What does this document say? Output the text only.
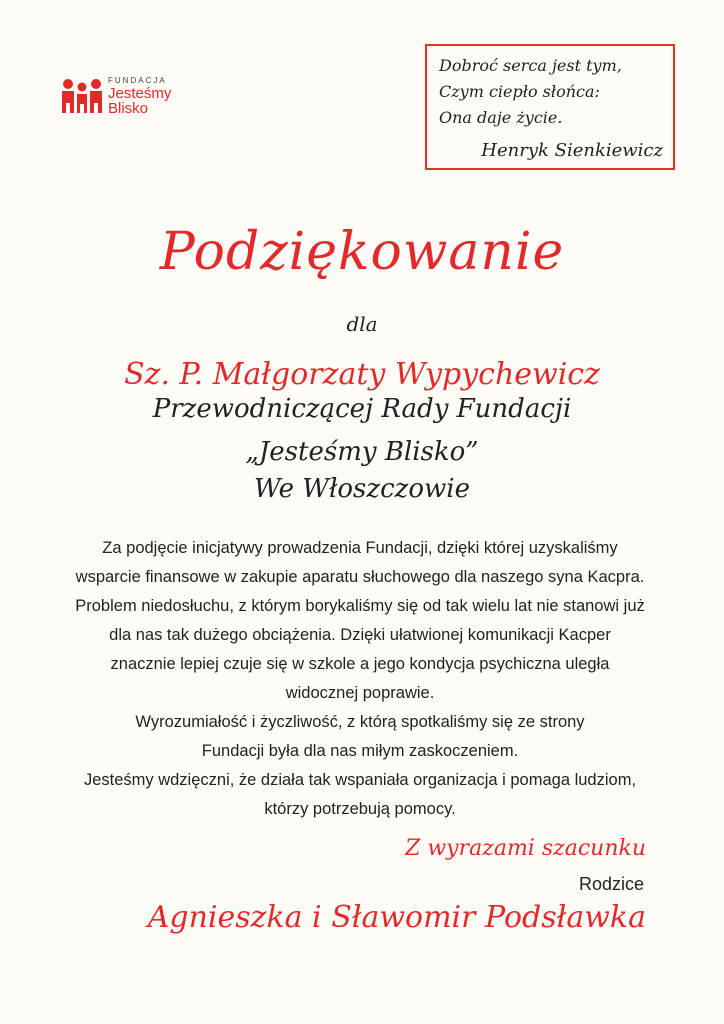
FUNDACJA
Jesteśmy
Blisko
Dobroć serca jest tym,
Czym ciepło słońca:
Ona daje życie.
Henryk Sienkiewicz
Podziękowanie
dla
Sz. P. Małgorzaty Wypychewicz
Przewodniczącej Rady Fundacji
„Jesteśmy Blisko”
We Włoszczowie
Za podjęcie inicjatywy prowadzenia Fundacji, dzięki której uzyskaliśmy
wsparcie finansowe w zakupie aparatu słuchowego dla naszego syna Kacpra.
Problem niedosłuchu, z którym borykaliśmy się od tak wielu lat nie stanowi już
dla nas tak dużego obciążenia. Dzięki ułatwionej komunikacji Kacper
znacznie lepiej czuje się w szkole a jego kondycja psychiczna uległa
widocznej poprawie.
Wyrozumiałość i życzliwość, z którą spotkaliśmy się ze strony
Fundacji była dla nas miłym zaskoczeniem.
Jesteśmy wdzięczni, że działa tak wspaniała organizacja i pomaga ludziom,
którzy potrzebują pomocy.
Z wyrazami szacunku
Rodzice
Agnieszka i Sławomir Podsławka
